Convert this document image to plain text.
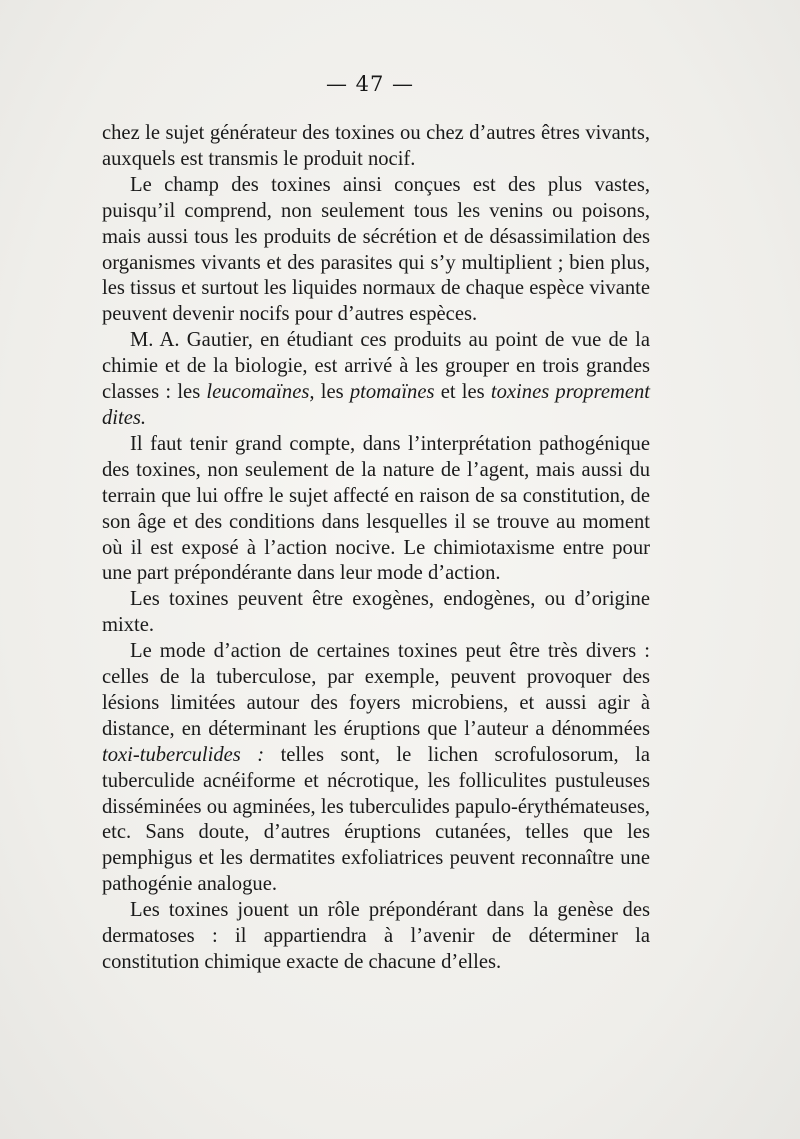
— 47 —

chez le sujet générateur des toxines ou chez d’autres êtres vivants, auxquels est transmis le produit nocif.

Le champ des toxines ainsi conçues est des plus vastes, puisqu’il comprend, non seulement tous les venins ou poisons, mais aussi tous les produits de sécrétion et de désassimilation des organismes vivants et des parasites qui s’y multiplient ; bien plus, les tissus et surtout les liquides normaux de chaque espèce vivante peuvent devenir nocifs pour d’autres espèces.

M. A. Gautier, en étudiant ces produits au point de vue de la chimie et de la biologie, est arrivé à les grouper en trois grandes classes : les leucomaïnes, les ptomaïnes et les toxines proprement dites.

Il faut tenir grand compte, dans l’interprétation pathogénique des toxines, non seulement de la nature de l’agent, mais aussi du terrain que lui offre le sujet affecté en raison de sa constitution, de son âge et des conditions dans lesquelles il se trouve au moment où il est exposé à l’action nocive. Le chimiotaxisme entre pour une part prépondérante dans leur mode d’action.

Les toxines peuvent être exogènes, endogènes, ou d’origine mixte.

Le mode d’action de certaines toxines peut être très divers : celles de la tuberculose, par exemple, peuvent provoquer des lésions limitées autour des foyers microbiens, et aussi agir à distance, en déterminant les éruptions que l’auteur a dénommées toxi-tuberculides : telles sont, le lichen scrofulosorum, la tuberculide acnéiforme et nécrotique, les folliculites pustuleuses disséminées ou agminées, les tuberculides papulo-érythémateuses, etc. Sans doute, d’autres éruptions cutanées, telles que les pemphigus et les dermatites exfoliatrices peuvent reconnaître une pathogénie analogue.

Les toxines jouent un rôle prépondérant dans la genèse des dermatoses : il appartiendra à l’avenir de déterminer la constitution chimique exacte de chacune d’elles.
